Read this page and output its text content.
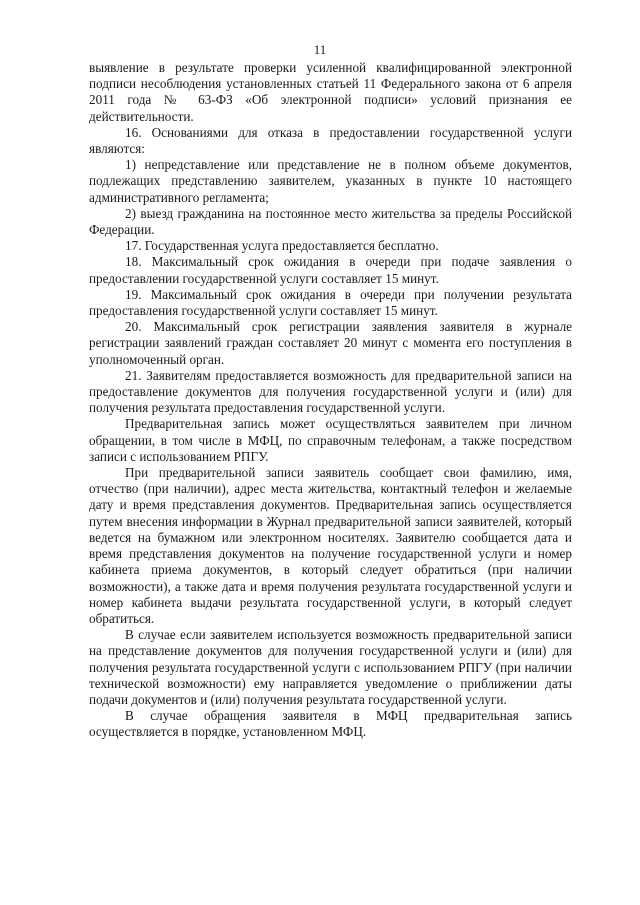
11

выявление в результате проверки усиленной квалифицированной электронной подписи несоблюдения установленных статьей 11 Федерального закона от 6 апреля 2011 года № 63-ФЗ «Об электронной подписи» условий признания ее действительности.

16. Основаниями для отказа в предоставлении государственной услуги являются:

1) непредставление или представление не в полном объеме документов, подлежащих представлению заявителем, указанных в пункте 10 настоящего административного регламента;

2) выезд гражданина на постоянное место жительства за пределы Российской Федерации.

17. Государственная услуга предоставляется бесплатно.

18. Максимальный срок ожидания в очереди при подаче заявления о предоставлении государственной услуги составляет 15 минут.

19. Максимальный срок ожидания в очереди при получении результата предоставления государственной услуги составляет 15 минут.

20. Максимальный срок регистрации заявления заявителя в журнале регистрации заявлений граждан составляет 20 минут с момента его поступления в уполномоченный орган.

21. Заявителям предоставляется возможность для предварительной записи на предоставление документов для получения государственной услуги и (или) для получения результата предоставления государственной услуги.

Предварительная запись может осуществляться заявителем при личном обращении, в том числе в МФЦ, по справочным телефонам, а также посредством записи с использованием РПГУ.

При предварительной записи заявитель сообщает свои фамилию, имя, отчество (при наличии), адрес места жительства, контактный телефон и желаемые дату и время представления документов. Предварительная запись осуществляется путем внесения информации в Журнал предварительной записи заявителей, который ведется на бумажном или электронном носителях. Заявителю сообщается дата и время представления документов на получение государственной услуги и номер кабинета приема документов, в который следует обратиться (при наличии возможности), а также дата и время получения результата государственной услуги и номер кабинета выдачи результата государственной услуги, в который следует обратиться.

В случае если заявителем используется возможность предварительной записи на представление документов для получения государственной услуги и (или) для получения результата государственной услуги с использованием РПГУ (при наличии технической возможности) ему направляется уведомление о приближении даты подачи документов и (или) получения результата государственной услуги.

В случае обращения заявителя в МФЦ предварительная запись осуществляется в порядке, установленном МФЦ.
